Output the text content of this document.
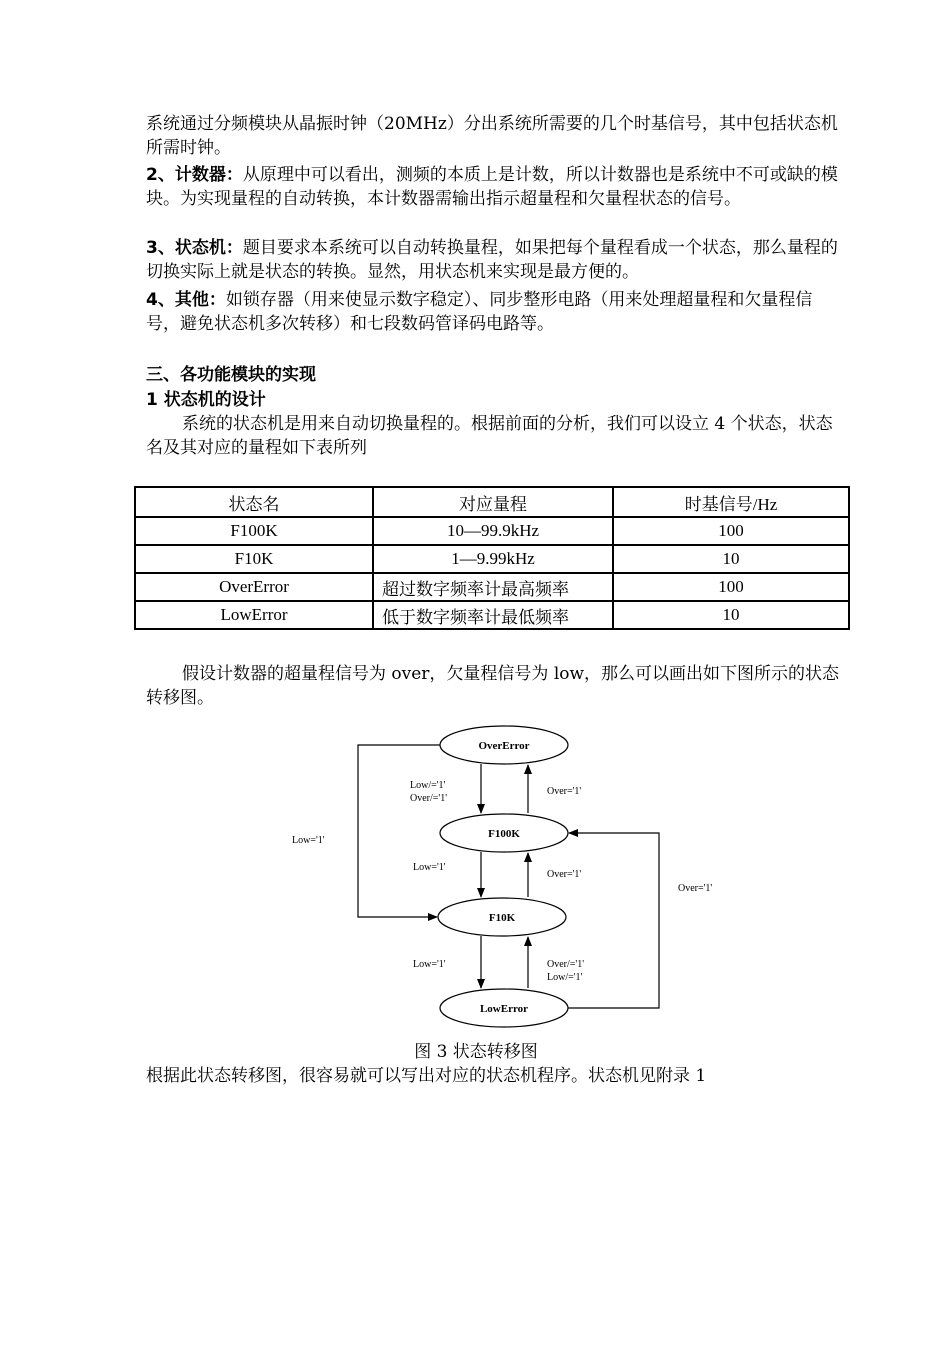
系统通过分频模块从晶振时钟（20MHz）分出系统所需要的几个时基信号，其中包括状态机所需时钟。

2、计数器：从原理中可以看出，测频的本质上是计数，所以计数器也是系统中不可或缺的模块。为实现量程的自动转换，本计数器需输出指示超量程和欠量程状态的信号。

3、状态机：题目要求本系统可以自动转换量程，如果把每个量程看成一个状态，那么量程的切换实际上就是状态的转换。显然，用状态机来实现是最方便的。

4、其他：如锁存器（用来使显示数字稳定）、同步整形电路（用来处理超量程和欠量程信号，避免状态机多次转移）和七段数码管译码电路等。

三、各功能模块的实现

1 状态机的设计

系统的状态机是用来自动切换量程的。根据前面的分析，我们可以设立 4 个状态，状态名及其对应的量程如下表所列

状态名	对应量程	时基信号/Hz
F100K	10—99.9kHz	100
F10K	1—9.99kHz	10
OverError	超过数字频率计最高频率	100
LowError	低于数字频率计最低频率	10

假设计数器的超量程信号为 over，欠量程信号为 low，那么可以画出如下图所示的状态转移图。

OverError
F100K
F10K
LowError
Low/='1'
Over/='1'
Over='1'
Low='1'
Low='1'
Over='1'
Over='1'
Low='1'	Over/='1'
Low/='1'
图 3 状态转移图

根据此状态转移图，很容易就可以写出对应的状态机程序。状态机见附录 1
